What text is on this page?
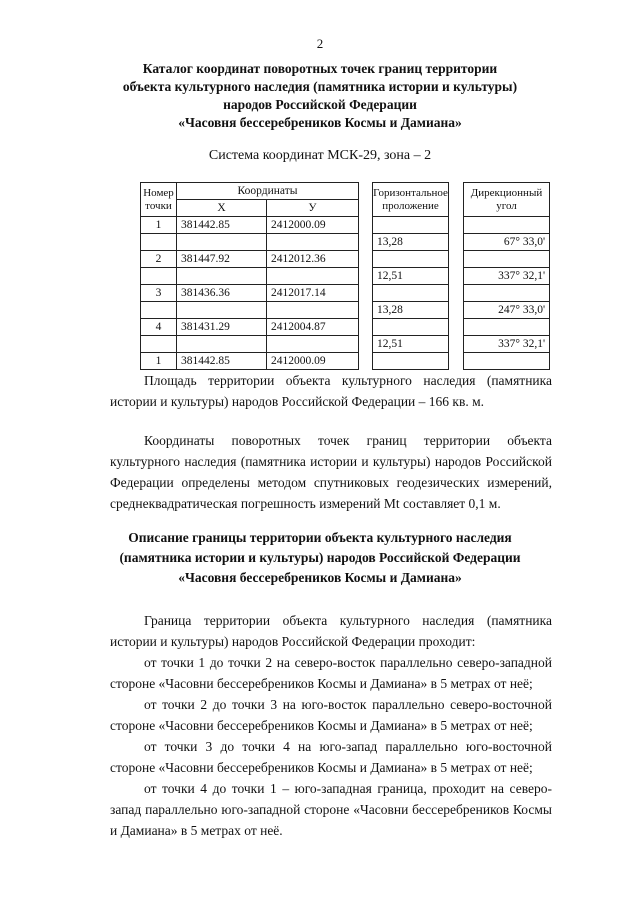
2
Каталог координат поворотных точек границ территории
объекта культурного наследия (памятника истории и культуры)
народов Российской Федерации
«Часовня бессеребреников Космы и Дамиана»
Система координат МСК-29, зона – 2
Номер точки	Координаты			Горизонтальное проложение		Дирекционный угол
	X	У				
1	381442.85	2412000.09				
				13,28		67° 33,0'
2	381447.92	2412012.36				
				12,51		337° 32,1'
3	381436.36	2412017.14				
				13,28		247° 33,0'
4	381431.29	2412004.87				
				12,51		337° 32,1'
1	381442.85	2412000.09				
Площадь территории объекта культурного наследия (памятника истории и культуры) народов Российской Федерации – 166 кв. м.
Координаты поворотных точек границ территории объекта культурного наследия (памятника истории и культуры) народов Российской Федерации определены методом спутниковых геодезических измерений, среднеквадратическая погрешность измерений Mt составляет 0,1 м.
Описание границы территории объекта культурного наследия
(памятника истории и культуры) народов Российской Федерации
«Часовня бессеребреников Космы и Дамиана»
Граница территории объекта культурного наследия (памятника истории и культуры) народов Российской Федерации проходит:
от точки 1 до точки 2 на северо-восток параллельно северо-западной стороне «Часовни бессеребреников Космы и Дамиана» в 5 метрах от неё;
от точки 2 до точки 3 на юго-восток параллельно северо-восточной стороне «Часовни бессеребреников Космы и Дамиана» в 5 метрах от неё;
от точки 3 до точки 4 на юго-запад параллельно юго-восточной стороне «Часовни бессеребреников Космы и Дамиана» в 5 метрах от неё;
от точки 4 до точки 1 – юго-западная граница, проходит на северо-запад параллельно юго-западной стороне «Часовни бессеребреников Космы и Дамиана» в 5 метрах от неё.
